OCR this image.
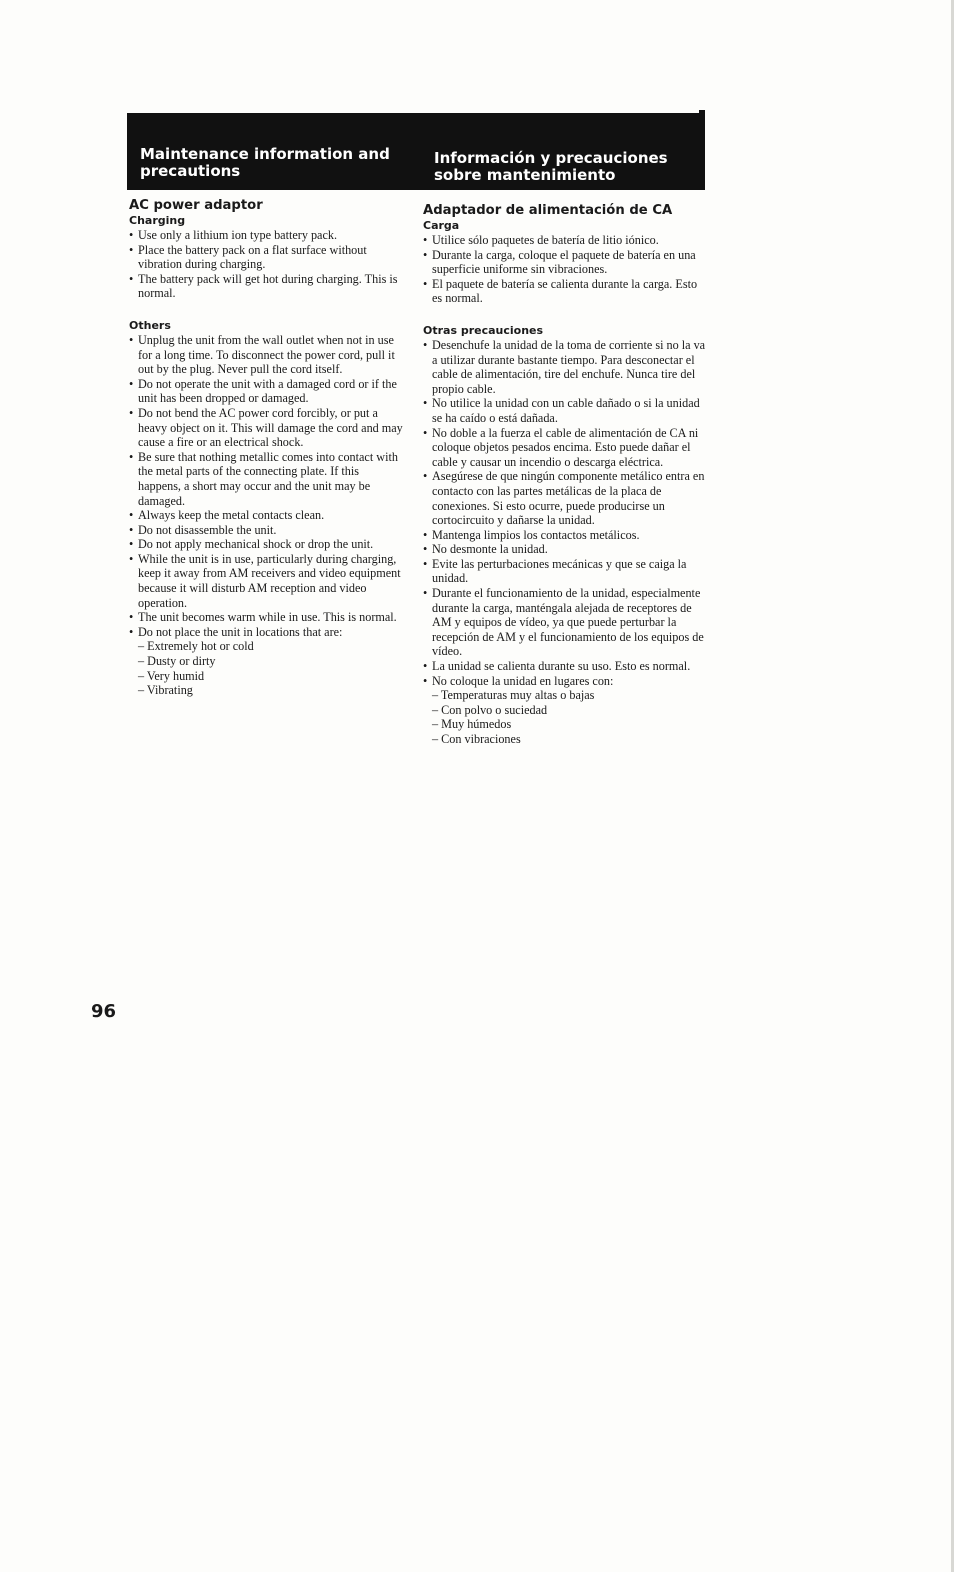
Maintenance information and precautions
Información y precauciones sobre mantenimiento
AC power adaptor
Charging
• Use only a lithium ion type battery pack.
• Place the battery pack on a flat surface without vibration during charging.
• The battery pack will get hot during charging. This is normal.
Others
• Unplug the unit from the wall outlet when not in use for a long time. To disconnect the power cord, pull it out by the plug. Never pull the cord itself.
• Do not operate the unit with a damaged cord or if the unit has been dropped or damaged.
• Do not bend the AC power cord forcibly, or put a heavy object on it. This will damage the cord and may cause a fire or an electrical shock.
• Be sure that nothing metallic comes into contact with the metal parts of the connecting plate. If this happens, a short may occur and the unit may be damaged.
• Always keep the metal contacts clean.
• Do not disassemble the unit.
• Do not apply mechanical shock or drop the unit.
• While the unit is in use, particularly during charging, keep it away from AM receivers and video equipment because it will disturb AM reception and video operation.
• The unit becomes warm while in use. This is normal.
• Do not place the unit in locations that are:
– Extremely hot or cold
– Dusty or dirty
– Very humid
– Vibrating
Adaptador de alimentación de CA
Carga
• Utilice sólo paquetes de batería de litio iónico.
• Durante la carga, coloque el paquete de batería en una superficie uniforme sin vibraciones.
• El paquete de batería se calienta durante la carga. Esto es normal.
Otras precauciones
• Desenchufe la unidad de la toma de corriente si no la va a utilizar durante bastante tiempo. Para desconectar el cable de alimentación, tire del enchufe. Nunca tire del propio cable.
• No utilice la unidad con un cable dañado o si la unidad se ha caído o está dañada.
• No doble a la fuerza el cable de alimentación de CA ni coloque objetos pesados encima. Esto puede dañar el cable y causar un incendio o descarga eléctrica.
• Asegúrese de que ningún componente metálico entra en contacto con las partes metálicas de la placa de conexiones. Si esto ocurre, puede producirse un cortocircuito y dañarse la unidad.
• Mantenga limpios los contactos metálicos.
• No desmonte la unidad.
• Evite las perturbaciones mecánicas y que se caiga la unidad.
• Durante el funcionamiento de la unidad, especialmente durante la carga, manténgala alejada de receptores de AM y equipos de vídeo, ya que puede perturbar la recepción de AM y el funcionamiento de los equipos de vídeo.
• La unidad se calienta durante su uso. Esto es normal.
• No coloque la unidad en lugares con:
– Temperaturas muy altas o bajas
– Con polvo o suciedad
– Muy húmedos
– Con vibraciones
96
